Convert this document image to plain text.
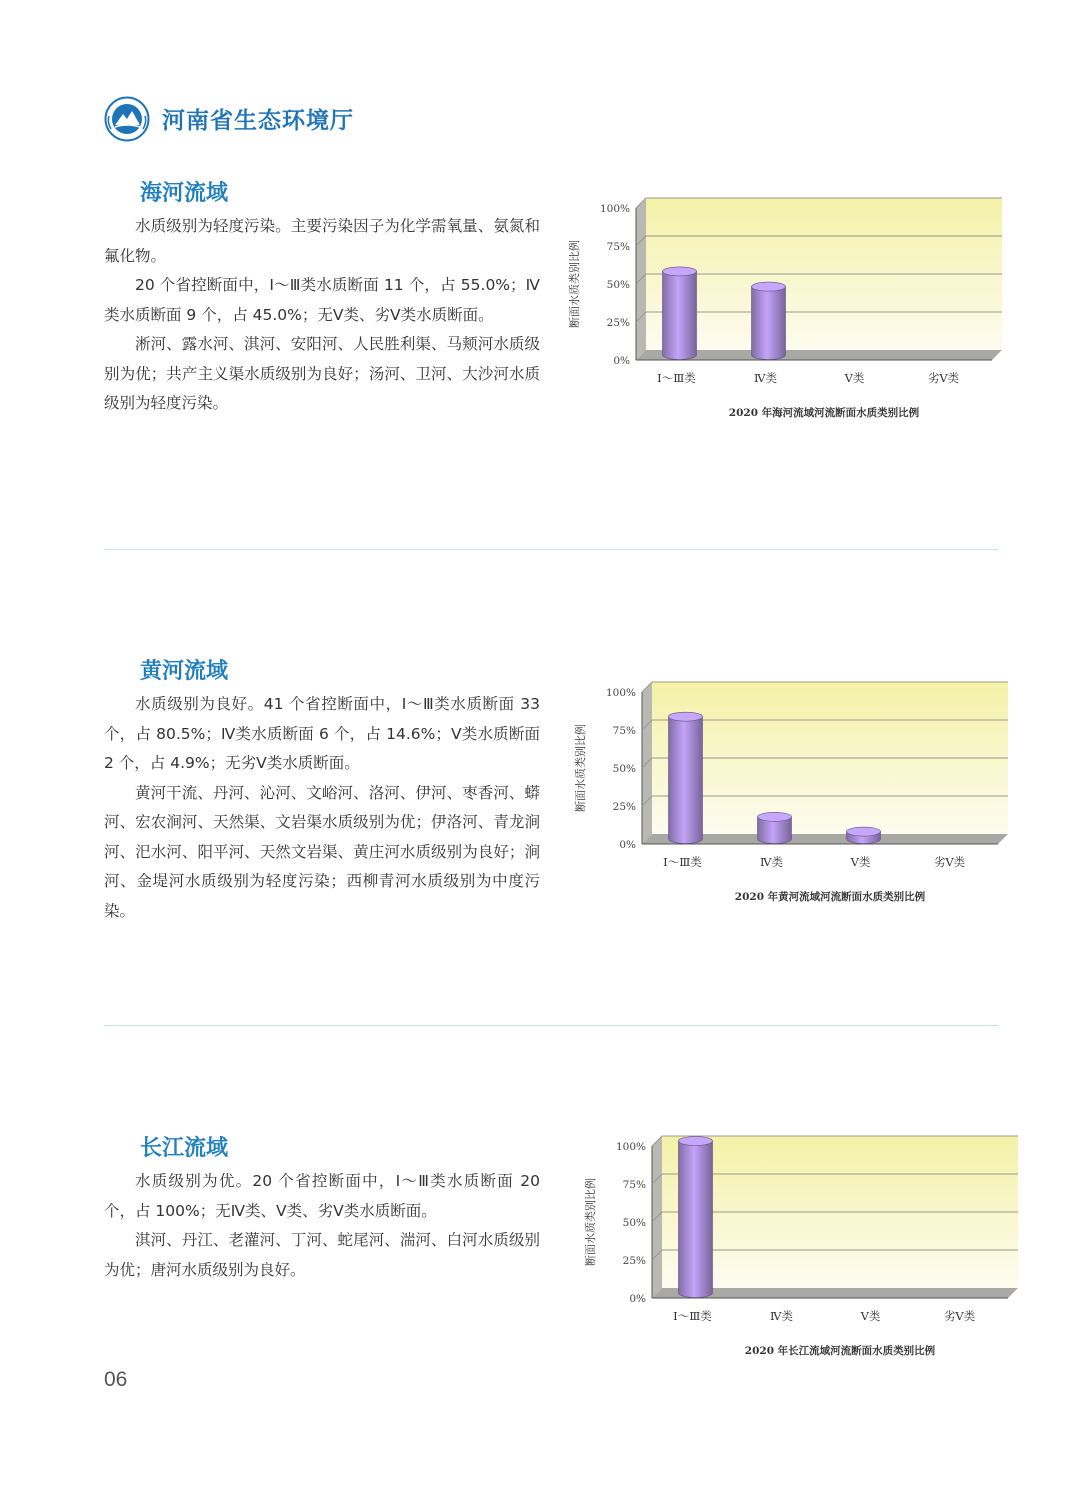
河南省生态环境厅
海河流域

水质级别为轻度污染。主要污染因子为化学需氧量、氨氮和氟化物。

20 个省控断面中，Ⅰ～Ⅲ类水质断面 11 个，占 55.0%；Ⅳ类水质断面 9 个，占 45.0%；无Ⅴ类、劣Ⅴ类水质断面。

淅河、露水河、淇河、安阳河、人民胜利渠、马颊河水质级别为优；共产主义渠水质级别为良好；汤河、卫河、大沙河水质级别为轻度污染。

0%
25%
50%
75%
100%
Ⅰ～Ⅲ类	Ⅳ类	Ⅴ类	劣Ⅴ类
断面水质类别比例
2020 年海河流域河流断面水质类别比例
黄河流域

水质级别为良好。41 个省控断面中，Ⅰ～Ⅲ类水质断面 33 个，占 80.5%；Ⅳ类水质断面 6 个，占 14.6%；Ⅴ类水质断面 2 个，占 4.9%；无劣Ⅴ类水质断面。

黄河干流、丹河、沁河、文峪河、洛河、伊河、枣香河、蟒河、宏农涧河、天然渠、文岩渠水质级别为优；伊洛河、青龙涧河、汜水河、阳平河、天然文岩渠、黄庄河水质级别为良好；涧河、金堤河水质级别为轻度污染；西柳青河水质级别为中度污染。

0%
25%
50%
75%
100%
Ⅰ～Ⅲ类	Ⅳ类	Ⅴ类	劣Ⅴ类
断面水质类别比例
2020 年黄河流域河流断面水质类别比例
长江流域

水质级别为优。20 个省控断面中，Ⅰ～Ⅲ类水质断面 20 个，占 100%；无Ⅳ类、Ⅴ类、劣Ⅴ类水质断面。

淇河、丹江、老灌河、丁河、蛇尾河、湍河、白河水质级别为优；唐河水质级别为良好。

0%
25%
50%
75%
100%
Ⅰ～Ⅲ类	Ⅳ类	Ⅴ类	劣Ⅴ类
断面水质类别比例
2020 年长江流域河流断面水质类别比例
06
